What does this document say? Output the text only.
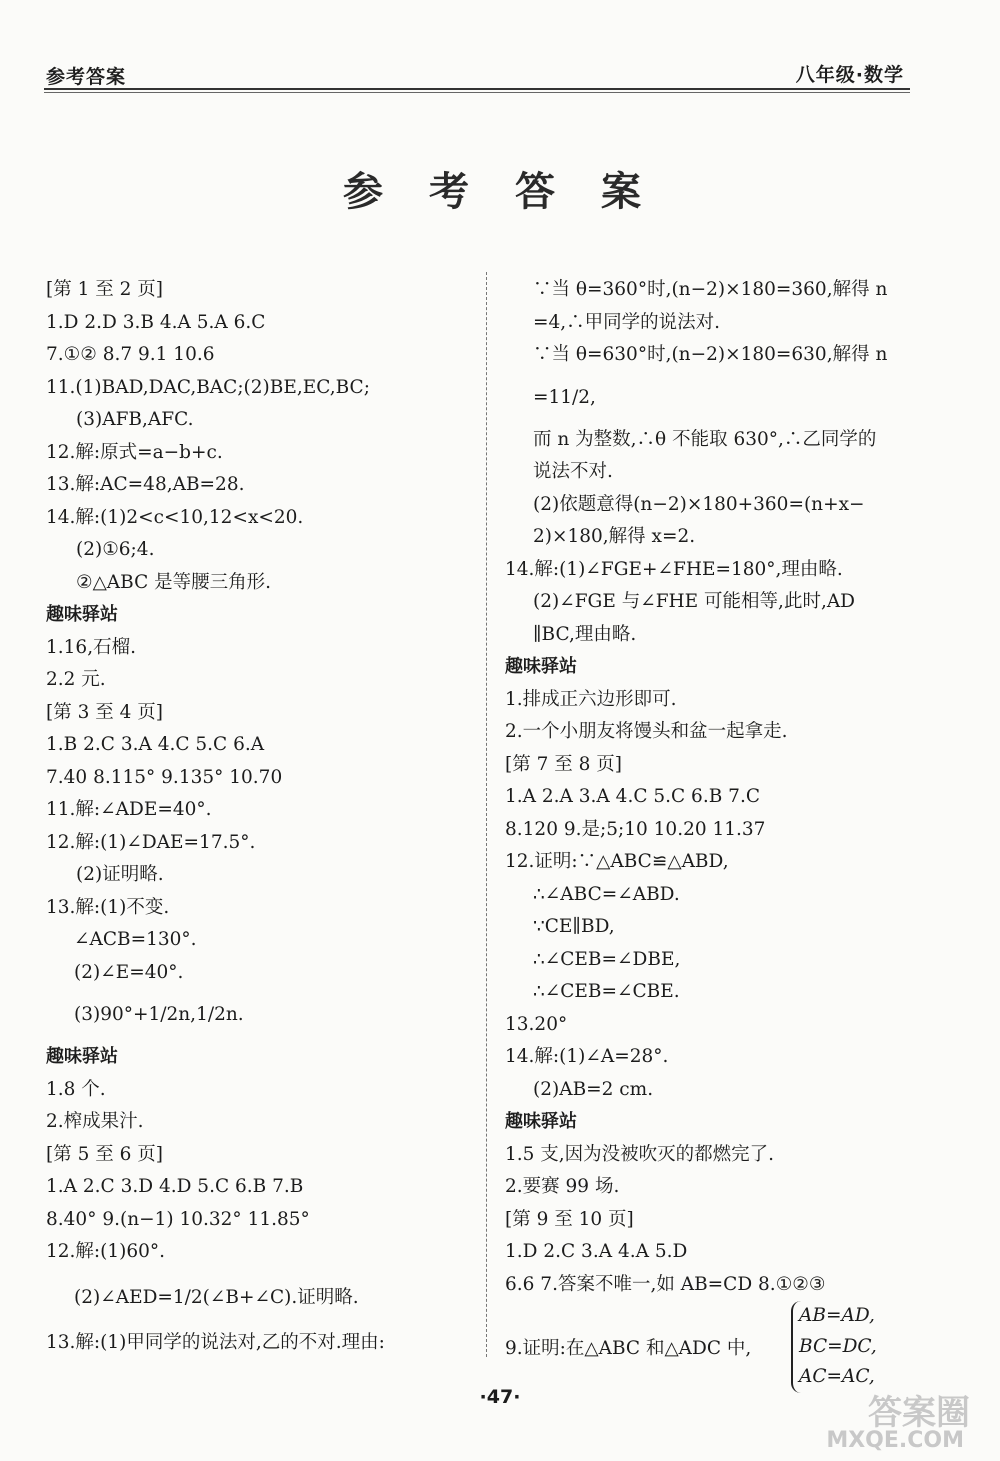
参考答案	八年级·数学
参考答案
[第 1 至 2 页]
1.D 2.D 3.B 4.A 5.A 6.C
7.①② 8.7 9.1 10.6
11.(1)BAD,DAC,BAC;(2)BE,EC,BC;
(3)AFB,AFC.
12.解:原式=a−b+c.
13.解:AC=48,AB=28.
14.解:(1)2<c<10,12<x<20.
(2)①6;4.
②△ABC 是等腰三角形.
趣味驿站
1.16,石榴.
2.2 元.
[第 3 至 4 页]
1.B 2.C 3.A 4.C 5.C 6.A
7.40 8.115° 9.135° 10.70
11.解:∠ADE=40°.
12.解:(1)∠DAE=17.5°.
(2)证明略.
13.解:(1)不变.
∠ACB=130°.
(2)∠E=40°.
(3)90°+1/2n,1/2n.
趣味驿站
1.8 个.
2.榨成果汁.
[第 5 至 6 页]
1.A 2.C 3.D 4.D 5.C 6.B 7.B
8.40° 9.(n−1) 10.32° 11.85°
12.解:(1)60°.
(2)∠AED=1/2(∠B+∠C).证明略.
13.解:(1)甲同学的说法对,乙的不对.理由:
∵当 θ=360°时,(n−2)×180=360,解得 n
=4,∴甲同学的说法对.
∵当 θ=630°时,(n−2)×180=630,解得 n
=11/2,
而 n 为整数,∴θ 不能取 630°,∴乙同学的
说法不对.
(2)依题意得(n−2)×180+360=(n+x−
2)×180,解得 x=2.
14.解:(1)∠FGE+∠FHE=180°,理由略.
(2)∠FGE 与∠FHE 可能相等,此时,AD
∥BC,理由略.
趣味驿站
1.排成正六边形即可.
2.一个小朋友将馒头和盆一起拿走.
[第 7 至 8 页]
1.A 2.A 3.A 4.C 5.C 6.B 7.C
8.120 9.是;5;10 10.20 11.37
12.证明:∵△ABC≌△ABD,
∴∠ABC=∠ABD.
∵CE∥BD,
∴∠CEB=∠DBE,
∴∠CEB=∠CBE.
13.20°
14.解:(1)∠A=28°.
(2)AB=2 cm.
趣味驿站
1.5 支,因为没被吹灭的都燃完了.
2.要赛 99 场.
[第 9 至 10 页]
1.D 2.C 3.A 4.A 5.D
6.6 7.答案不唯一,如 AB=CD 8.①②③
9.证明:在△ABC 和△ADC 中,
AB=AD,
BC=DC,
AC=AC,
·47·	答案圈
MXQE.COM
